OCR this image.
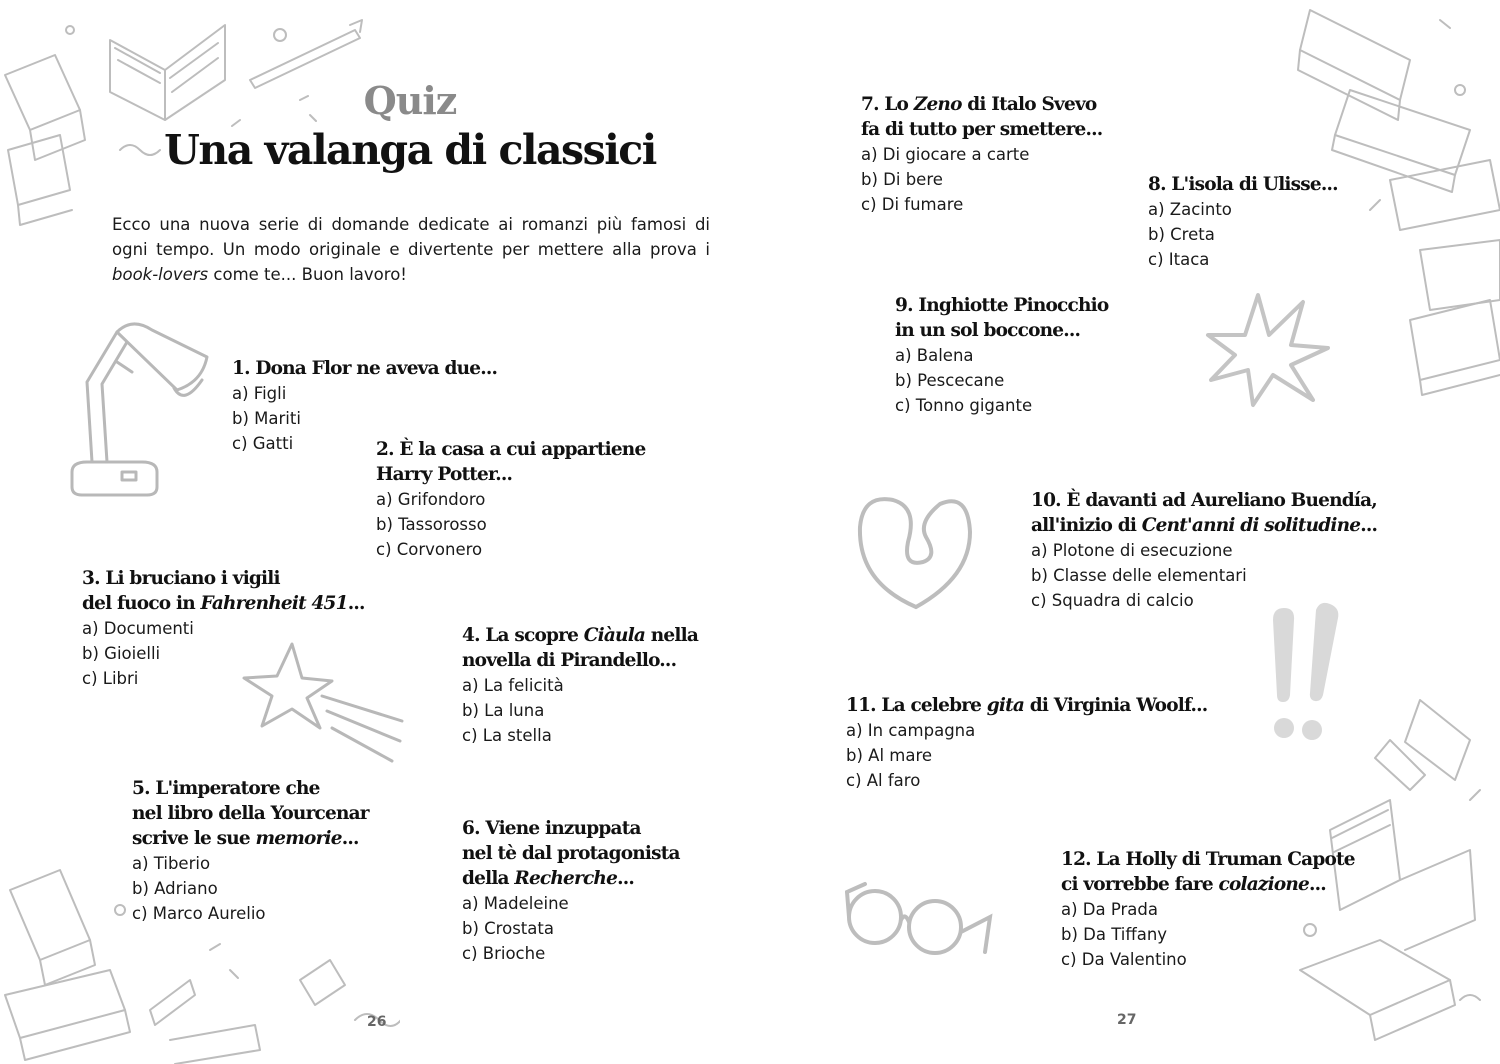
Quiz
Una valanga di classici

Ecco una nuova serie di domande dedicate ai romanzi più famosi di ogni tempo. Un modo originale e divertente per mettere alla prova i book-lovers come te... Buon lavoro!

1. Dona Flor ne aveva due...
a) Figli
b) Mariti
c) Gatti	2. È la casa a cui appartiene
Harry Potter...
a) Grifondoro
b) Tassorosso
c) Corvonero
3. Li bruciano i vigili
del fuoco in Fahrenheit 451...
a) Documenti
b) Gioielli
c) Libri
4. La scopre Ciàula nella
novella di Pirandello...
a) La felicità
b) La luna
c) La stella
5. L'imperatore che
nel libro della Yourcenar
scrive le sue memorie...
a) Tiberio
b) Adriano
c) Marco Aurelio
6. Viene inzuppata
nel tè dal protagonista
della Recherche...
a) Madeleine
b) Crostata
c) Brioche
26
7. Lo Zeno di Italo Svevo
fa di tutto per smettere...
a) Di giocare a carte
b) Di bere
c) Di fumare
8. L'isola di Ulisse...
a) Zacinto
b) Creta
c) Itaca
9. Inghiotte Pinocchio
in un sol boccone...
a) Balena
b) Pescecane
c) Tonno gigante
10. È davanti ad Aureliano Buendía,
all'inizio di Cent'anni di solitudine...
a) Plotone di esecuzione
b) Classe delle elementari
c) Squadra di calcio
11. La celebre gita di Virginia Woolf...
a) In campagna
b) Al mare
c) Al faro
12. La Holly di Truman Capote
ci vorrebbe fare colazione...
a) Da Prada
b) Da Tiffany
c) Da Valentino
27
